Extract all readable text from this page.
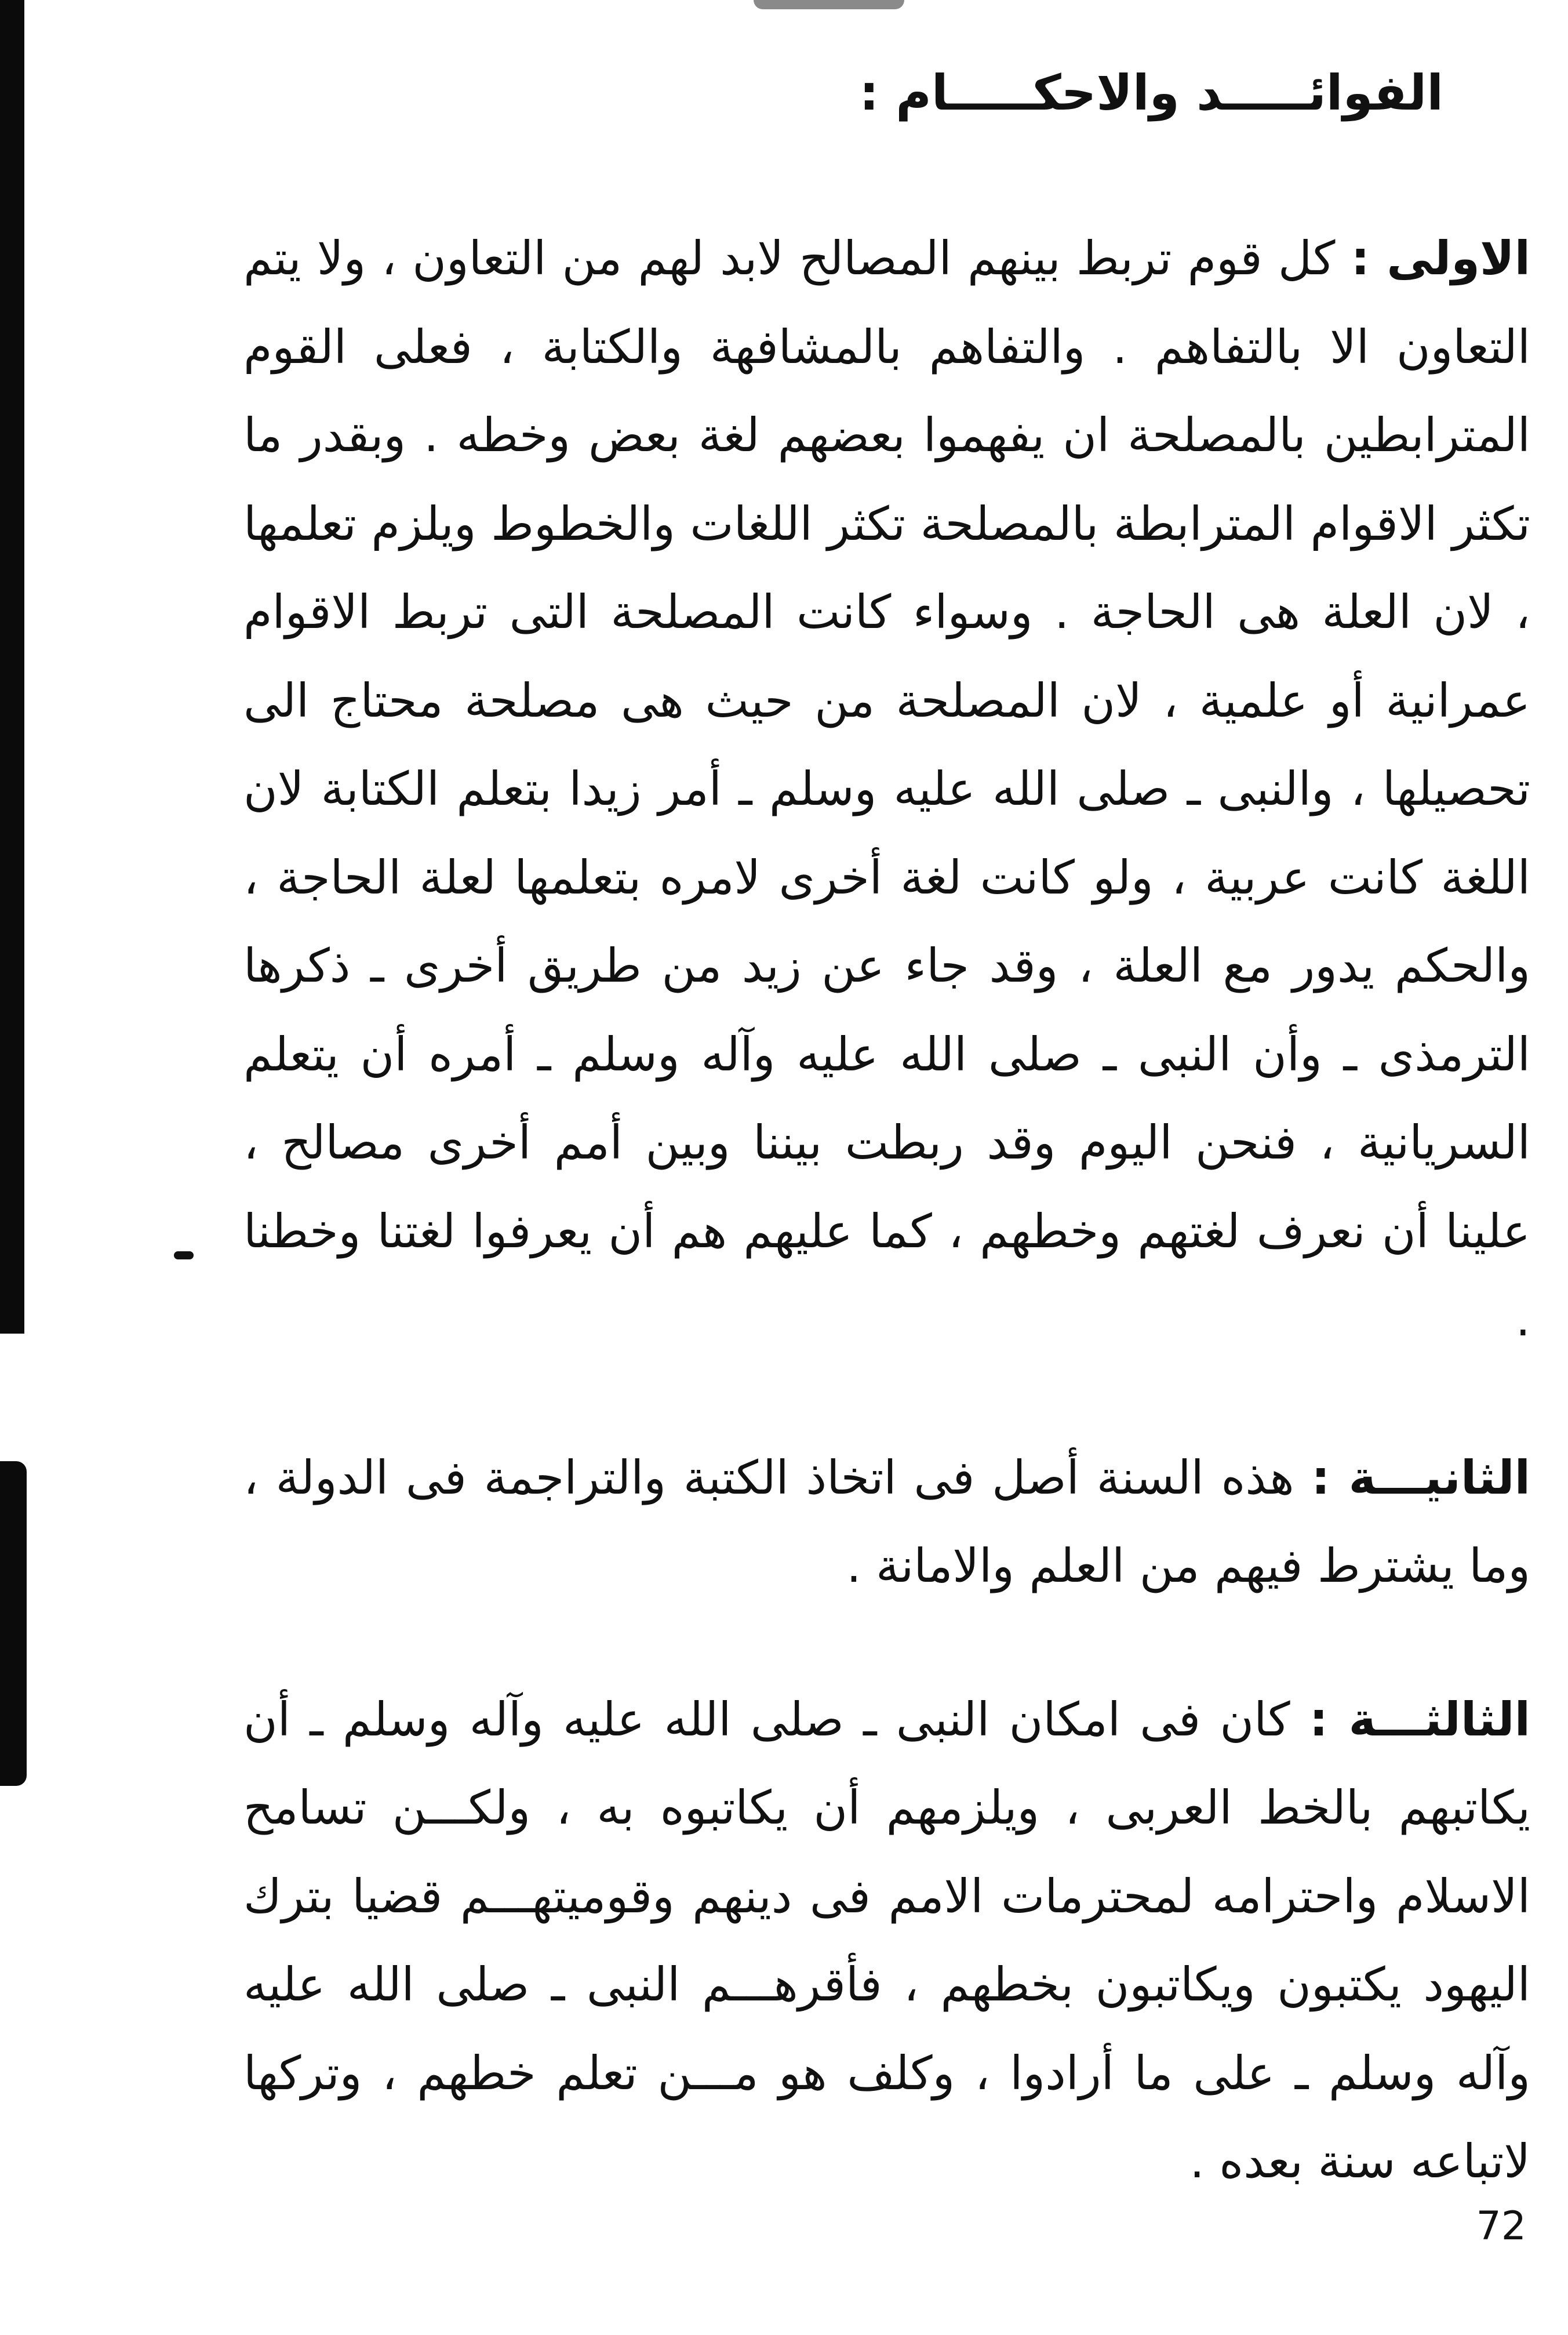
الفوائـــــد والاحكـــــام :

الاولى : كل قوم تربط بينهم المصالح لابد لهم من التعاون ، ولا يتم التعاون الا بالتفاهم . والتفاهم بالمشافهة والكتابة ، فعلى القوم المترابطين بالمصلحة ان يفهموا بعضهم لغة بعض وخطه . وبقدر ما تكثر الاقوام المترابطة بالمصلحة تكثر اللغات والخطوط ويلزم تعلمها ، لان العلة هى الحاجة . وسواء كانت المصلحة التى تربط الاقوام عمرانية أو علمية ، لان المصلحة من حيث هى مصلحة محتاج الى تحصيلها ، والنبى ـ صلى الله عليه وسلم ـ أمر زيدا بتعلم الكتابة لان اللغة كانت عربية ، ولو كانت لغة أخرى لامره بتعلمها لعلة الحاجة ، والحكم يدور مع العلة ، وقد جاء عن زيد من طريق أخرى ـ ذكرها الترمذى ـ وأن النبى ـ صلى الله عليه وآله وسلم ـ أمره أن يتعلم السريانية ، فنحن اليوم وقد ربطت بيننا وبين أمم أخرى مصالح ، علينا أن نعرف لغتهم وخطهم ، كما عليهم هم أن يعرفوا لغتنا وخطنا .

الثانيـــة : هذه السنة أصل فى اتخاذ الكتبة والتراجمة فى الدولة ، وما يشترط فيهم من العلم والامانة .

الثالثـــة : كان فى امكان النبى ـ صلى الله عليه وآله وسلم ـ أن يكاتبهم بالخط العربى ، ويلزمهم أن يكاتبوه به ، ولكـــن تسامح الاسلام واحترامه لمحترمات الامم فى دينهم وقوميتهـــم قضيا بترك اليهود يكتبون ويكاتبون بخطهم ، فأقرهـــم النبى ـ صلى الله عليه وآله وسلم ـ على ما أرادوا ، وكلف هو مـــن تعلم خطهم ، وتركها لاتباعه سنة بعده .

72
